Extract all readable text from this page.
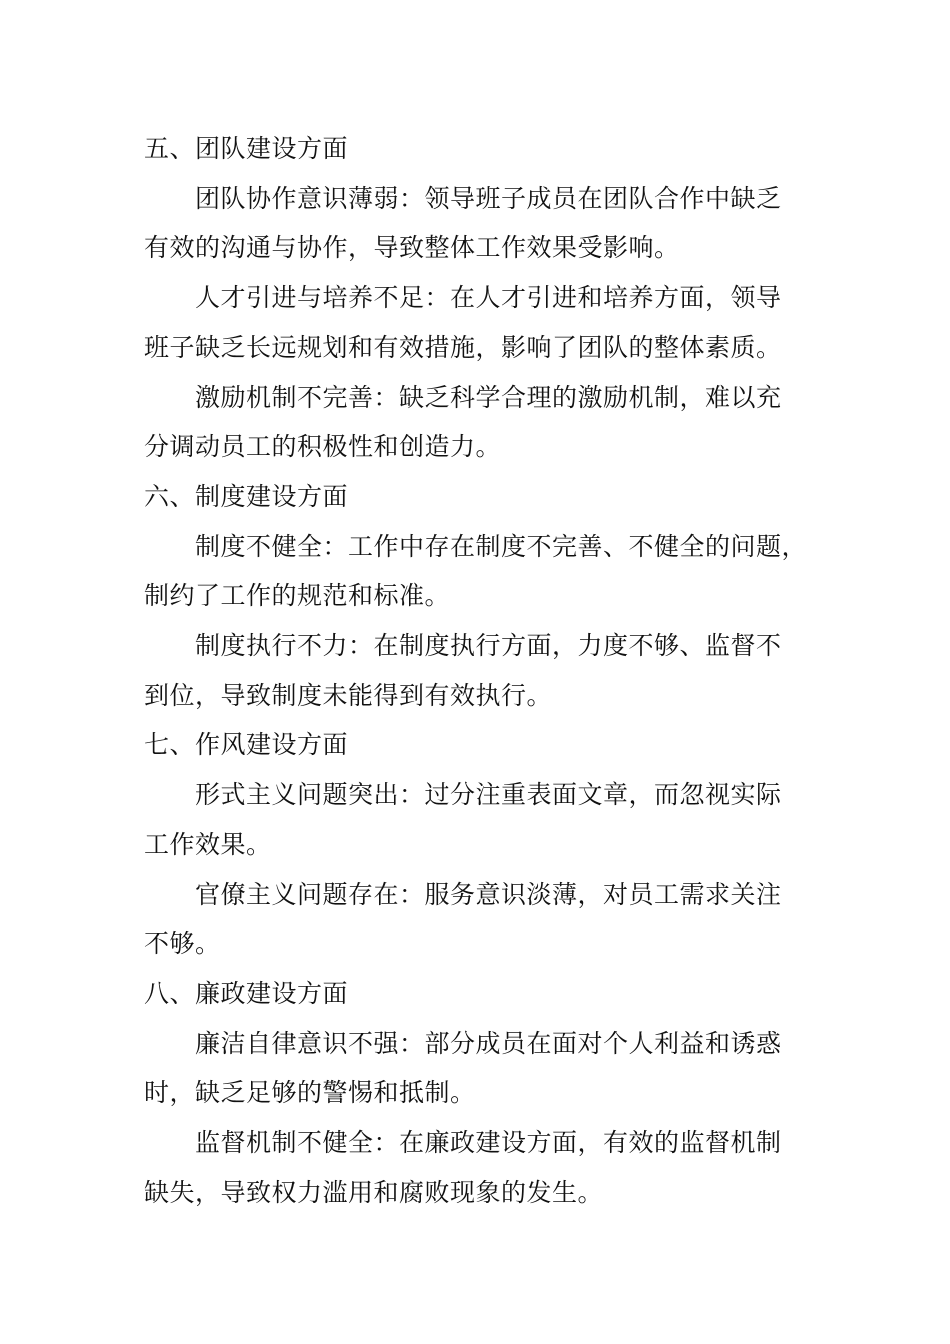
五、团队建设方面
团队协作意识薄弱：领导班子成员在团队合作中缺乏
有效的沟通与协作，导致整体工作效果受影响。
人才引进与培养不足：在人才引进和培养方面，领导
班子缺乏长远规划和有效措施，影响了团队的整体素质。
激励机制不完善：缺乏科学合理的激励机制，难以充
分调动员工的积极性和创造力。
六、制度建设方面
制度不健全：工作中存在制度不完善、不健全的问题，
制约了工作的规范和标准。
制度执行不力：在制度执行方面，力度不够、监督不
到位，导致制度未能得到有效执行。
七、作风建设方面
形式主义问题突出：过分注重表面文章，而忽视实际
工作效果。
官僚主义问题存在：服务意识淡薄，对员工需求关注
不够。
八、廉政建设方面
廉洁自律意识不强：部分成员在面对个人利益和诱惑
时，缺乏足够的警惕和抵制。
监督机制不健全：在廉政建设方面，有效的监督机制
缺失，导致权力滥用和腐败现象的发生。
